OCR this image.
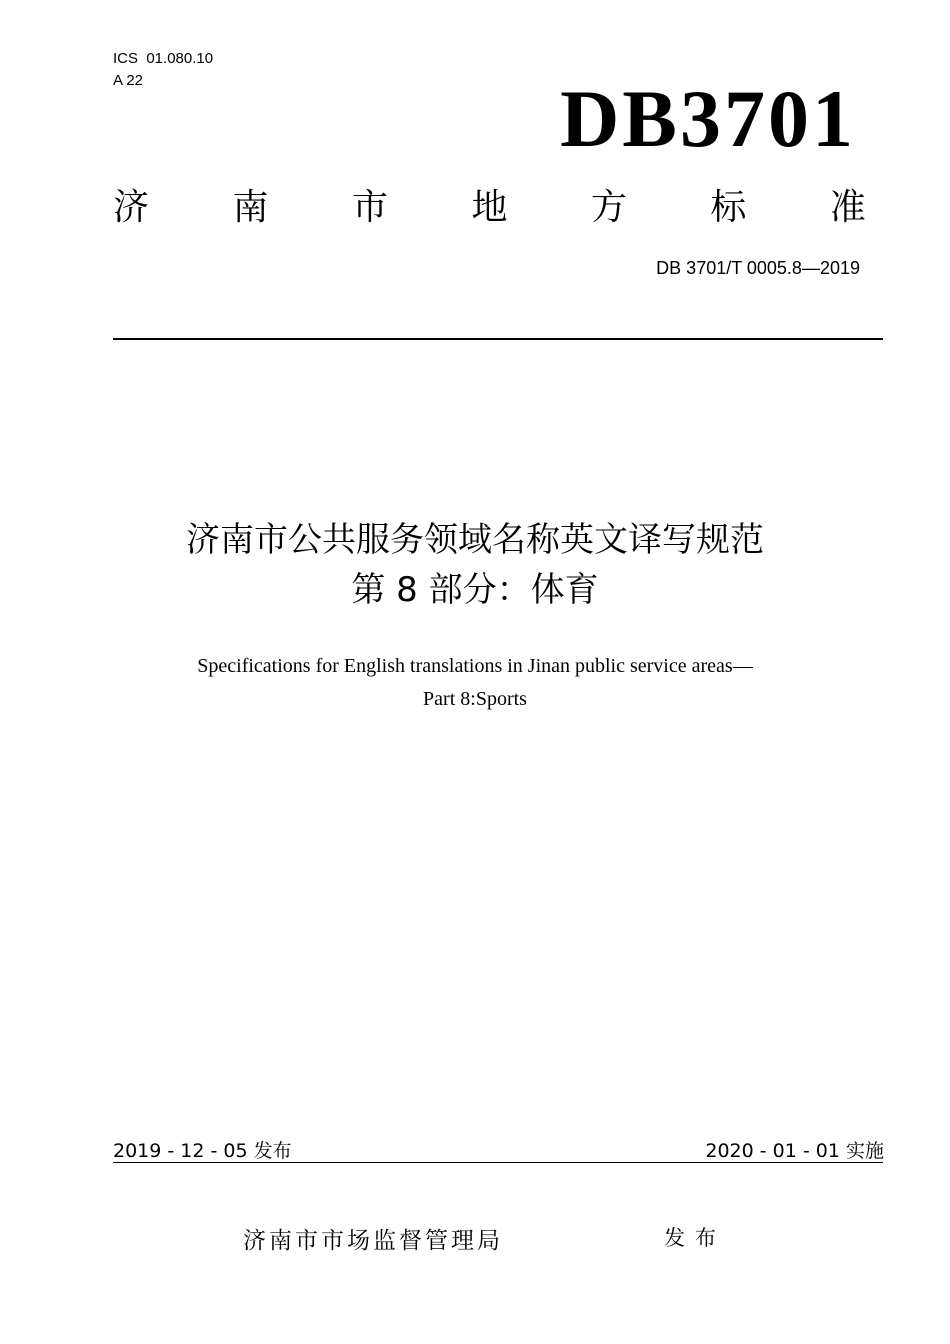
ICS  01.080.10
A 22	DB3701
济 南 市 地 方 标 准
DB 3701/T 0005.8—2019
济南市公共服务领域名称英文译写规范
第 8 部分：体育
Specifications for English translations in Jinan public service areas—
Part 8:Sports
2019 - 12 - 05 发布	2020 - 01 - 01 实施
济南市市场监督管理局	发布
